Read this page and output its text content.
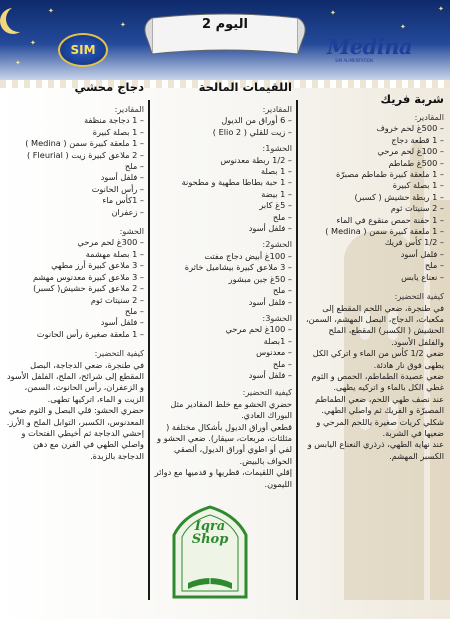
✦
✦
✦
✦
✦
✦
✦
SIM	Medina
SIM ALIMENTATION
اليوم 2
شربة فريك

المقادير:

– 500غ لحم خروف

– 1 قطعة دجاج

– 100غ لحم مرحي

– 500غ طماطم

– 1 ملعقة كبيرة طماطم مصبرّة

– 1 بصلة كبيرة

– 1 ربطة حشيش ( كسبر)

– 2 سنيتات ثوم

– 1 حفنة حمص منقوع في الماء

– 1 ملعقة كبيرة سمن ( Medina )

– 1/2 كأس فريك

– فلفل أسود

– ملح

– نعناع يابس

كيفية التحضير:

في طنجرة، ضعي اللحم المقطع إلى مكعبات، الدجاج، البصل المهشم، السمن، الحشيش ( الكسبر) المقطع، الملح والفلفل الأسود.

ضعي 1/2 كأس من الماء و اتركي الكل يطهى فوق نار هادئة.

ضعي عصيدة الطماطم، الحمص و الثوم غطي الكل بالماء و اتركيه يطهى.

عند نصف طهي اللحم، ضعي الطماطم المصبرّة و الفريك ثم واصلي الطهي. شكلي كريات صغيرة باللحم المرحي و ضعيها في الشربة.

عند نهاية الطهي، ذرذري النعناع اليابس و الكسبر المهشم.

اللقيمات المالحة

المقادير:

– 6 أوراق من الديول

– زيت للقلي ( Elio 2 )

الحشو1:

– 1/2 ربطة معدنوس

– 1 بصلة

– 1 حبة بطاطا مطهية و مطحونة

– 1 بيضة

– 5غ كابر

– ملح

– فلفل أسود

الحشو2:

– 100غ أبيض دجاج مفتت

– 3 ملاعق كبيرة بيشاميل خاثرة

– 50غ جبن مبشور

– ملح

– فلفل أسود

الحشو3:

– 100غ لحم مرحي

– 1بصلة

– معدنوس

– ملح

– فلفل أسود

كيفية التحضير:

حضري الحشو مع خلط المقادير مثل البوراك العادي.

قطعي أوراق الديول بأشكال مختلفة ( مثلثات، مربعات، سيقار). ضعي الحشو و لفي أو اطوي أوراق الديول، ألصقي الحواف بالبيض.

إقلي اللقيمات، قطريها و قدميها مع دوائر الليمون.

دجاج محشي

المقادير:

– 1 دجاجة منظفة

– 1 بصلة كبيرة

– 1 ملعقة كبيرة سمن ( Medina )

– 2 ملاعق كبيرة زيت ( Fleurial )

– ملح

– فلفل أسود

– رأس الحانوت

– 1كأس ماء

– زعفران

الحشو:

– 300غ لحم مرحي

– 1 بصلة مهشمة

– 3 ملاعق كبيرة أرز مطهي

– 3 ملاعق كبيرة معدنوس مهشم

– 2 ملاعق كبيرة حشيش( كسبر)

– 2 سنيتات ثوم

– ملح

– فلفل أسود

– 1 ملعقة صغيرة رأس الحانوت

كيفية التحضير:

في طنجرة، ضعي الدجاجة، البصل المقطع إلى شرائح، الملح، الفلفل الأسود و الزعفران، رأس الحانوت، السمن، الزيت و الماء، اتركيها تطهى.

حضري الحشو: قلي البصل و الثوم ضعي المعدنوس، الكسبر، التوابل الملح و الأرز.

إحشي الدجاجة ثم أخيطي الفتحات و واصلي الطهي في الفرن مع دهن الدجاجة بالزبدة.

Iqra
Shop
